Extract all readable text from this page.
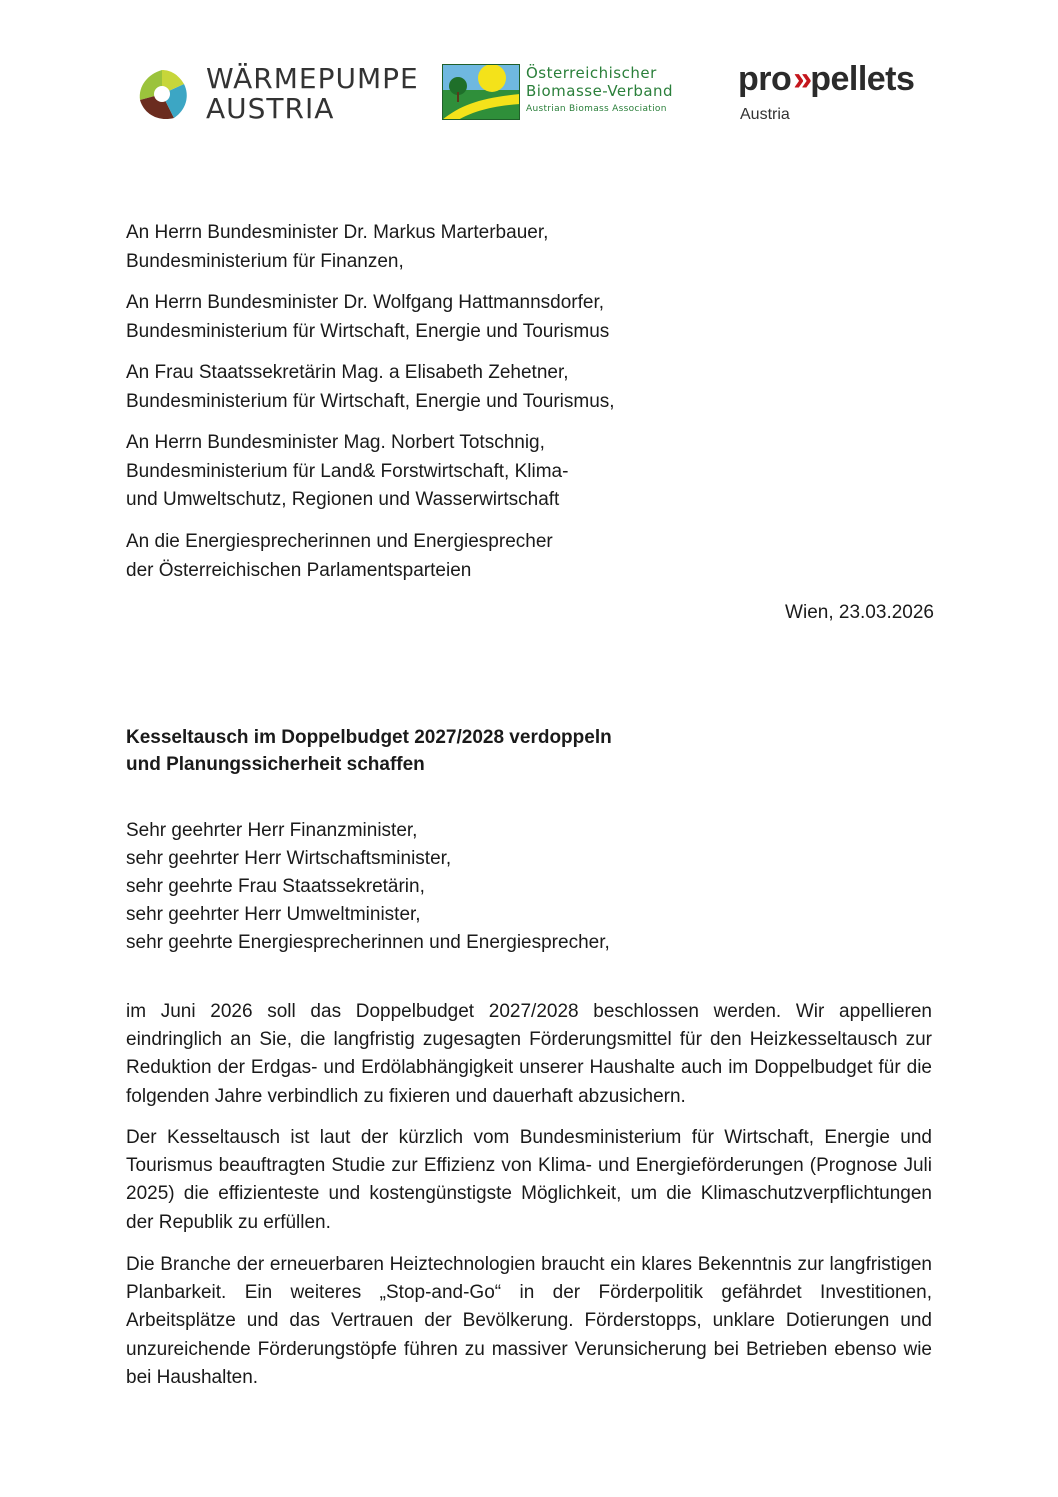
WÄRMEPUMPE
AUSTRIA
Österreichischer
Biomasse-Verband
Austrian Biomass Association
pro»pellets
Austria
An Herrn Bundesminister Dr. Markus Marterbauer,
Bundesministerium für Finanzen,
An Herrn Bundesminister Dr. Wolfgang Hattmannsdorfer,
Bundesministerium für Wirtschaft, Energie und Tourismus
An Frau Staatssekretärin Mag. a Elisabeth Zehetner,
Bundesministerium für Wirtschaft, Energie und Tourismus,
An Herrn Bundesminister Mag. Norbert Totschnig,
Bundesministerium für Land& Forstwirtschaft, Klima-
und Umweltschutz, Regionen und Wasserwirtschaft
An die Energiesprecherinnen und Energiesprecher
der Österreichischen Parlamentsparteien
Wien, 23.03.2026
Kesseltausch im Doppelbudget 2027/2028 verdoppeln
und Planungssicherheit schaffen
Sehr geehrter Herr Finanzminister,
sehr geehrter Herr Wirtschaftsminister,
sehr geehrte Frau Staatssekretärin,
sehr geehrter Herr Umweltminister,
sehr geehrte Energiesprecherinnen und Energiesprecher,

im Juni 2026 soll das Doppelbudget 2027/2028 beschlossen werden. Wir appellieren eindringlich an Sie, die langfristig zugesagten Förderungsmittel für den Heizkesseltausch zur Reduktion der Erdgas- und Erdölabhängigkeit unserer Haushalte auch im Doppelbudget für die folgenden Jahre verbindlich zu fixieren und dauerhaft abzusichern.

Der Kesseltausch ist laut der kürzlich vom Bundesministerium für Wirtschaft, Energie und Tourismus beauftragten Studie zur Effizienz von Klima- und Energieförderungen (Prognose Juli 2025) die effizienteste und kostengünstigste Möglichkeit, um die Klimaschutzverpflichtungen der Republik zu erfüllen.

Die Branche der erneuerbaren Heiztechnologien braucht ein klares Bekenntnis zur langfristigen Planbarkeit. Ein weiteres „Stop-and-Go“ in der Förderpolitik gefährdet Investitionen, Arbeitsplätze und das Vertrauen der Bevölkerung. Förderstopps, unklare Dotierungen und unzureichende Förderungstöpfe führen zu massiver Verunsicherung bei Betrieben ebenso wie bei Haushalten.
